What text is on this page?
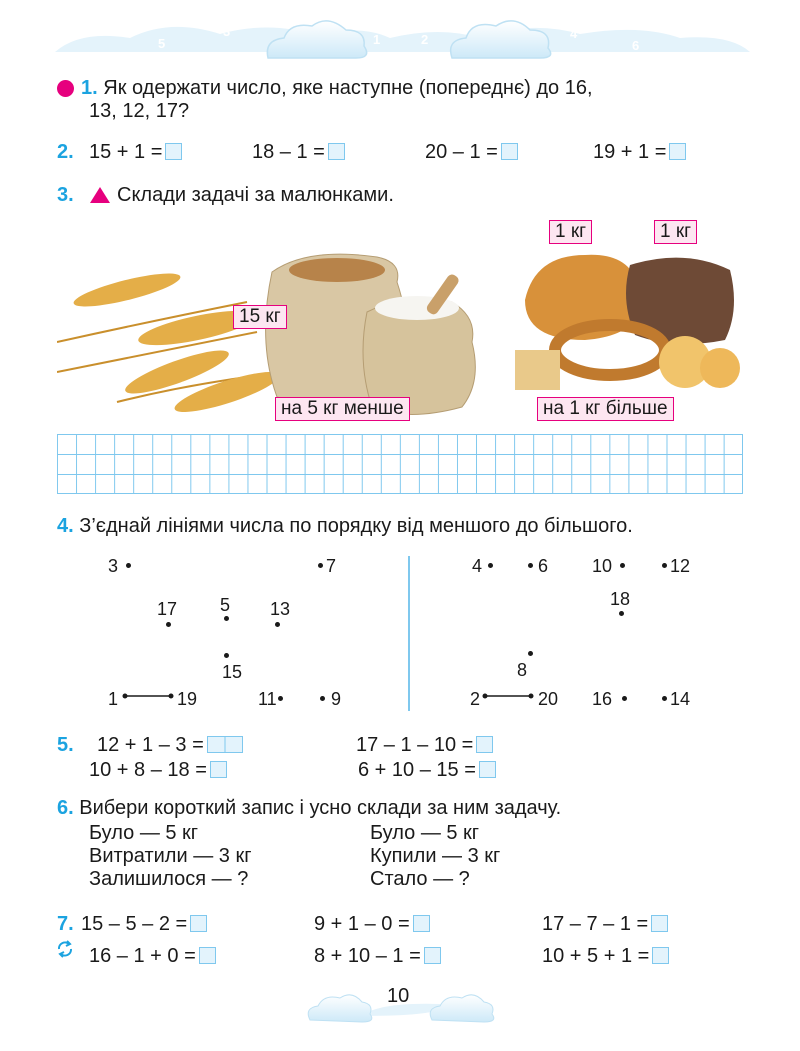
7
5
3
1
0
2	4
6
8
1. Як одержати число, яке наступне (попереднє) до 16,
13, 12, 17?
2. 15 + 1 =	18 – 1 =	20 – 1 =	19 + 1 =
3. Склади задачі за малюнками.
15 кг
на 5 кг менше
1 кг	1 кг
на 1 кг більше
4. З’єднай лініями числа по порядку від меншого до більшого.
3	7
17 5 13
15
1	19	11	9
4	6 10	12
18
8
2	20 16	14
5. 12 + 1 – 3 =	17 – 1 – 10 =
10 + 8 – 18 =	6 + 10 – 15 =
6. Вибери короткий запис і усно склади за ним задачу.
Було — 5 кг
Витратили — 3 кг
Залишилося — ?
Було — 5 кг
Купили — 3 кг
Стало — ?
7. 15 – 5 – 2 =	9 + 1 – 0 =	17 – 7 – 1 =
16 – 1 + 0 =	8 + 10 – 1 =	10 + 5 + 1 =
10
